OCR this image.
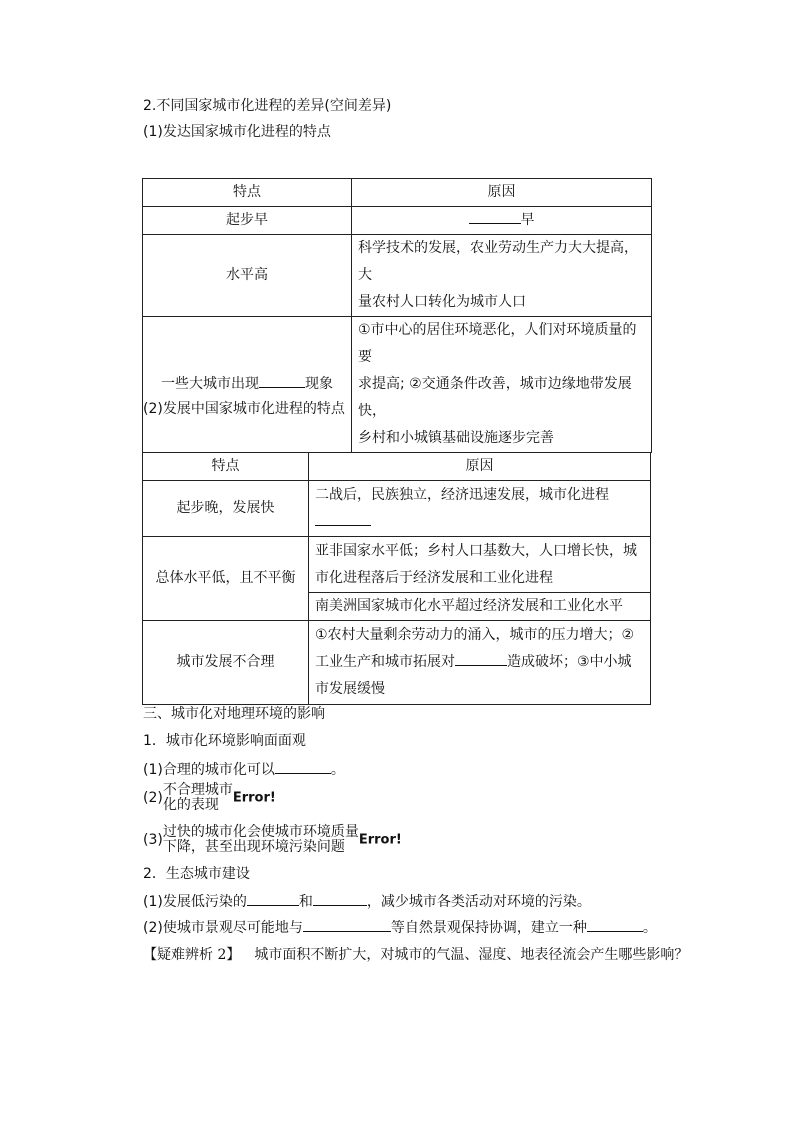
2.不同国家城市化进程的差异(空间差异)
(1)发达国家城市化进程的特点
特点	原因
起步早	早
水平高	科学技术的发展，农业劳动生产力大大提高，大
量农村人口转化为城市人口

一些大城市出现 现象	①市中心的居住环境恶化，人们对环境质量的要
求提高; ②交通条件改善，城市边缘地带发展快，
乡村和小城镇基础设施逐步完善
(2)发展中国家城市化进程的特点
特点	原因
起步晚，发展快	二战后，民族独立，经济迅速发展，城市化进程

总体水平低，且不平衡	亚非国家水平低；乡村人口基数大，人口增长快，城
市化进程落后于经济发展和工业化进程

	南美洲国家城市化水平超过经济发展和工业化水平
城市发展不合理	①农村大量剩余劳动力的涌入，城市的压力增大；②
工业生产和城市拓展对 造成破坏；③中小城
市发展缓慢
三、城市化对地理环境的影响
1．城市化环境影响面面观
(1)合理的城市化可以	。
(2) 不合理城市
化的表现	Error!
(3) 过快的城市化会使城市环境质量
下降，甚至出现环境污染问题	Error!
2．生态城市建设
(1)发展低污染的	和	，减少城市各类活动对环境的污染。
(2)使城市景观尽可能地与	等自然景观保持协调，建立一种	。
【疑难辨析 2】 城市面积不断扩大，对城市的气温、湿度、地表径流会产生哪些影响？
